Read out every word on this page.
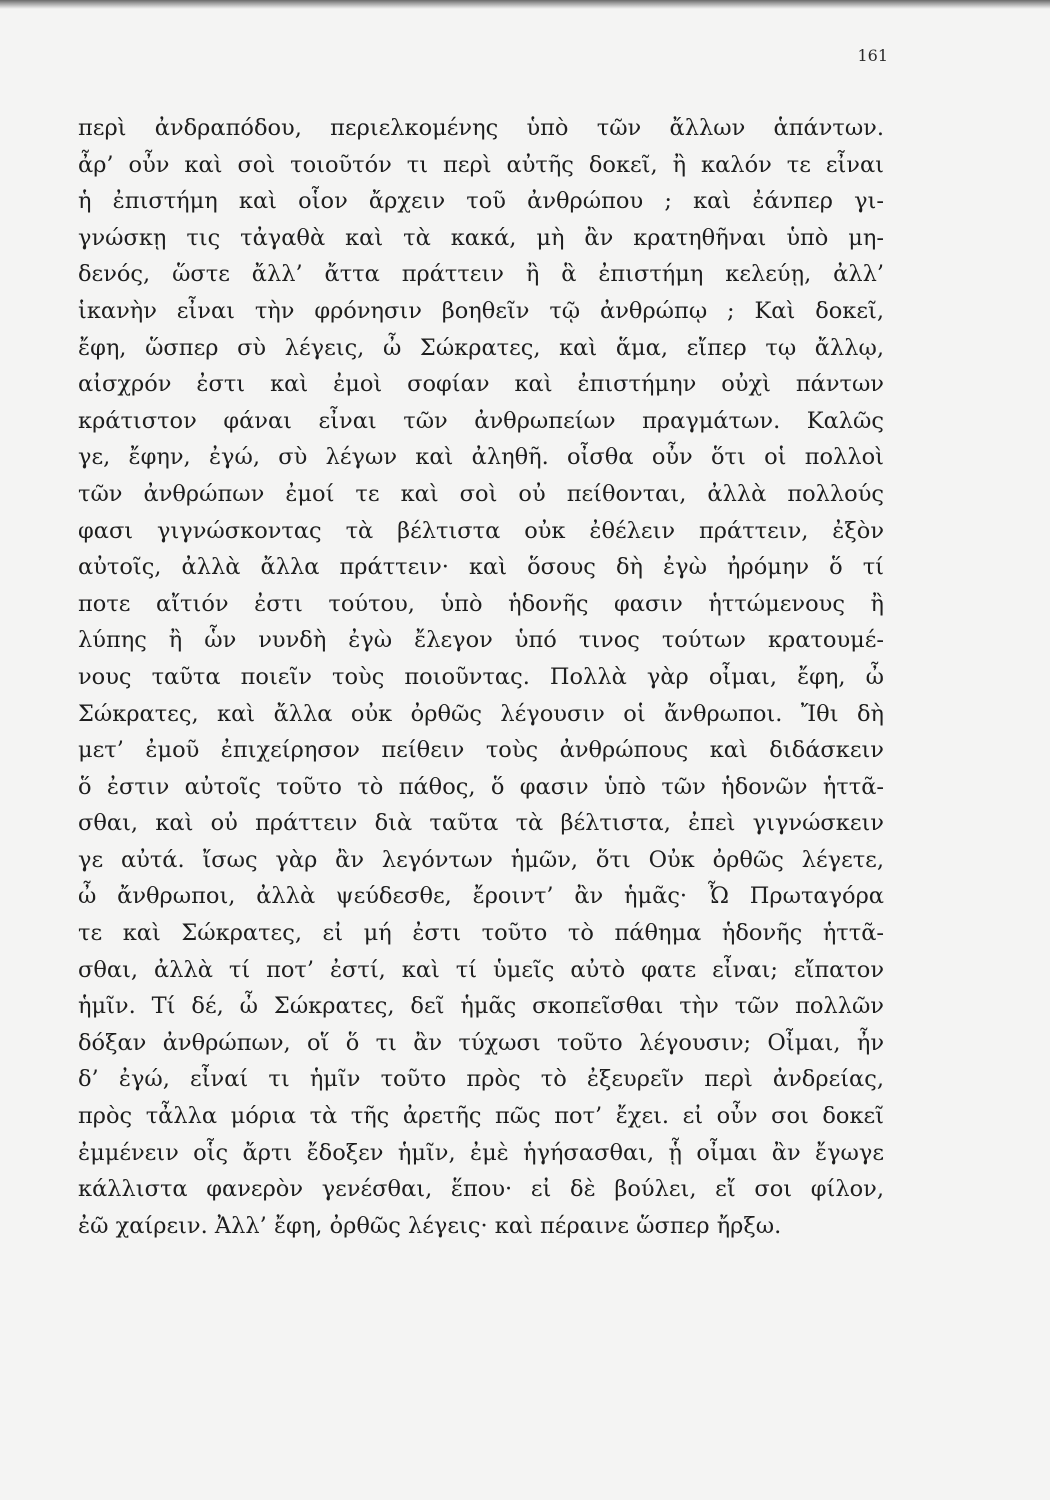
161
περὶ ἀνδραπόδου, περιελκομένης ὑπὸ τῶν ἄλλων ἁπάντων.
ἆρ’ οὖν καὶ σοὶ τοιοῦτόν τι περὶ αὐτῆς δοκεῖ, ἢ καλόν τε εἶναι
ἡ ἐπιστήμη καὶ οἷον ἄρχειν τοῦ ἀνθρώπου ; καὶ ἐάνπερ γι-
γνώσκῃ τις τἀγαθὰ καὶ τὰ κακά, μὴ ἂν κρατηθῆναι ὑπὸ μη-
δενός, ὥστε ἄλλ’ ἄττα πράττειν ἢ ἃ ἐπιστήμη κελεύῃ, ἀλλ’
ἱκανὴν εἶναι τὴν φρόνησιν βοηθεῖν τῷ ἀνθρώπῳ ; Καὶ δοκεῖ,
ἔφη, ὥσπερ σὺ λέγεις, ὦ Σώκρατες, καὶ ἅμα, εἴπερ τῳ ἄλλῳ,
αἰσχρόν ἐστι καὶ ἐμοὶ σοφίαν καὶ ἐπιστήμην οὐχὶ πάντων
κράτιστον φάναι εἶναι τῶν ἀνθρωπείων πραγμάτων. Καλῶς
γε, ἔφην, ἐγώ, σὺ λέγων καὶ ἀληθῆ. οἶσθα οὖν ὅτι οἱ πολλοὶ
τῶν ἀνθρώπων ἐμοί τε καὶ σοὶ οὐ πείθονται, ἀλλὰ πολλούς
φασι γιγνώσκοντας τὰ βέλτιστα οὐκ ἐθέλειν πράττειν, ἐξὸν
αὐτοῖς, ἀλλὰ ἄλλα πράττειν· καὶ ὅσους δὴ ἐγὼ ἠρόμην ὅ τί
ποτε αἴτιόν ἐστι τούτου, ὑπὸ ἡδονῆς φασιν ἡττώμενους ἢ
λύπης ἢ ὧν νυνδὴ ἐγὼ ἔλεγον ὑπό τινος τούτων κρατουμέ-
νους ταῦτα ποιεῖν τοὺς ποιοῦντας. Πολλὰ γὰρ οἶμαι, ἔφη, ὦ
Σώκρατες, καὶ ἄλλα οὐκ ὀρθῶς λέγουσιν οἱ ἄνθρωποι. Ἴθι δὴ
μετ’ ἐμοῦ ἐπιχείρησον πείθειν τοὺς ἀνθρώπους καὶ διδάσκειν
ὅ ἐστιν αὐτοῖς τοῦτο τὸ πάθος, ὅ φασιν ὑπὸ τῶν ἡδονῶν ἡττᾶ-
σθαι, καὶ οὐ πράττειν διὰ ταῦτα τὰ βέλτιστα, ἐπεὶ γιγνώσκειν
γε αὐτά. ἴσως γὰρ ἂν λεγόντων ἡμῶν, ὅτι Οὐκ ὀρθῶς λέγετε,
ὦ ἄνθρωποι, ἀλλὰ ψεύδεσθε, ἔροιντ’ ἂν ἡμᾶς· Ὦ Πρωταγόρα
τε καὶ Σώκρατες, εἰ μή ἐστι τοῦτο τὸ πάθημα ἡδονῆς ἡττᾶ-
σθαι, ἀλλὰ τί ποτ’ ἐστί, καὶ τί ὑμεῖς αὐτὸ φατε εἶναι; εἴπατον
ἡμῖν. Τί δέ, ὦ Σώκρατες, δεῖ ἡμᾶς σκοπεῖσθαι τὴν τῶν πολλῶν
δόξαν ἀνθρώπων, οἵ ὅ τι ἂν τύχωσι τοῦτο λέγουσιν; Οἶμαι, ἦν
δ’ ἐγώ, εἶναί τι ἡμῖν τοῦτο πρὸς τὸ ἐξευρεῖν περὶ ἀνδρείας,
πρὸς τἆλλα μόρια τὰ τῆς ἀρετῆς πῶς ποτ’ ἔχει. εἰ οὖν σοι δοκεῖ
ἐμμένειν οἷς ἄρτι ἔδοξεν ἡμῖν, ἐμὲ ἡγήσασθαι, ᾗ οἶμαι ἂν ἔγωγε
κάλλιστα φανερὸν γενέσθαι, ἕπου· εἰ δὲ βούλει, εἴ σοι φίλον,
ἐῶ χαίρειν. Ἀλλ’ ἔφη, ὀρθῶς λέγεις· καὶ πέραινε ὥσπερ ἤρξω.
